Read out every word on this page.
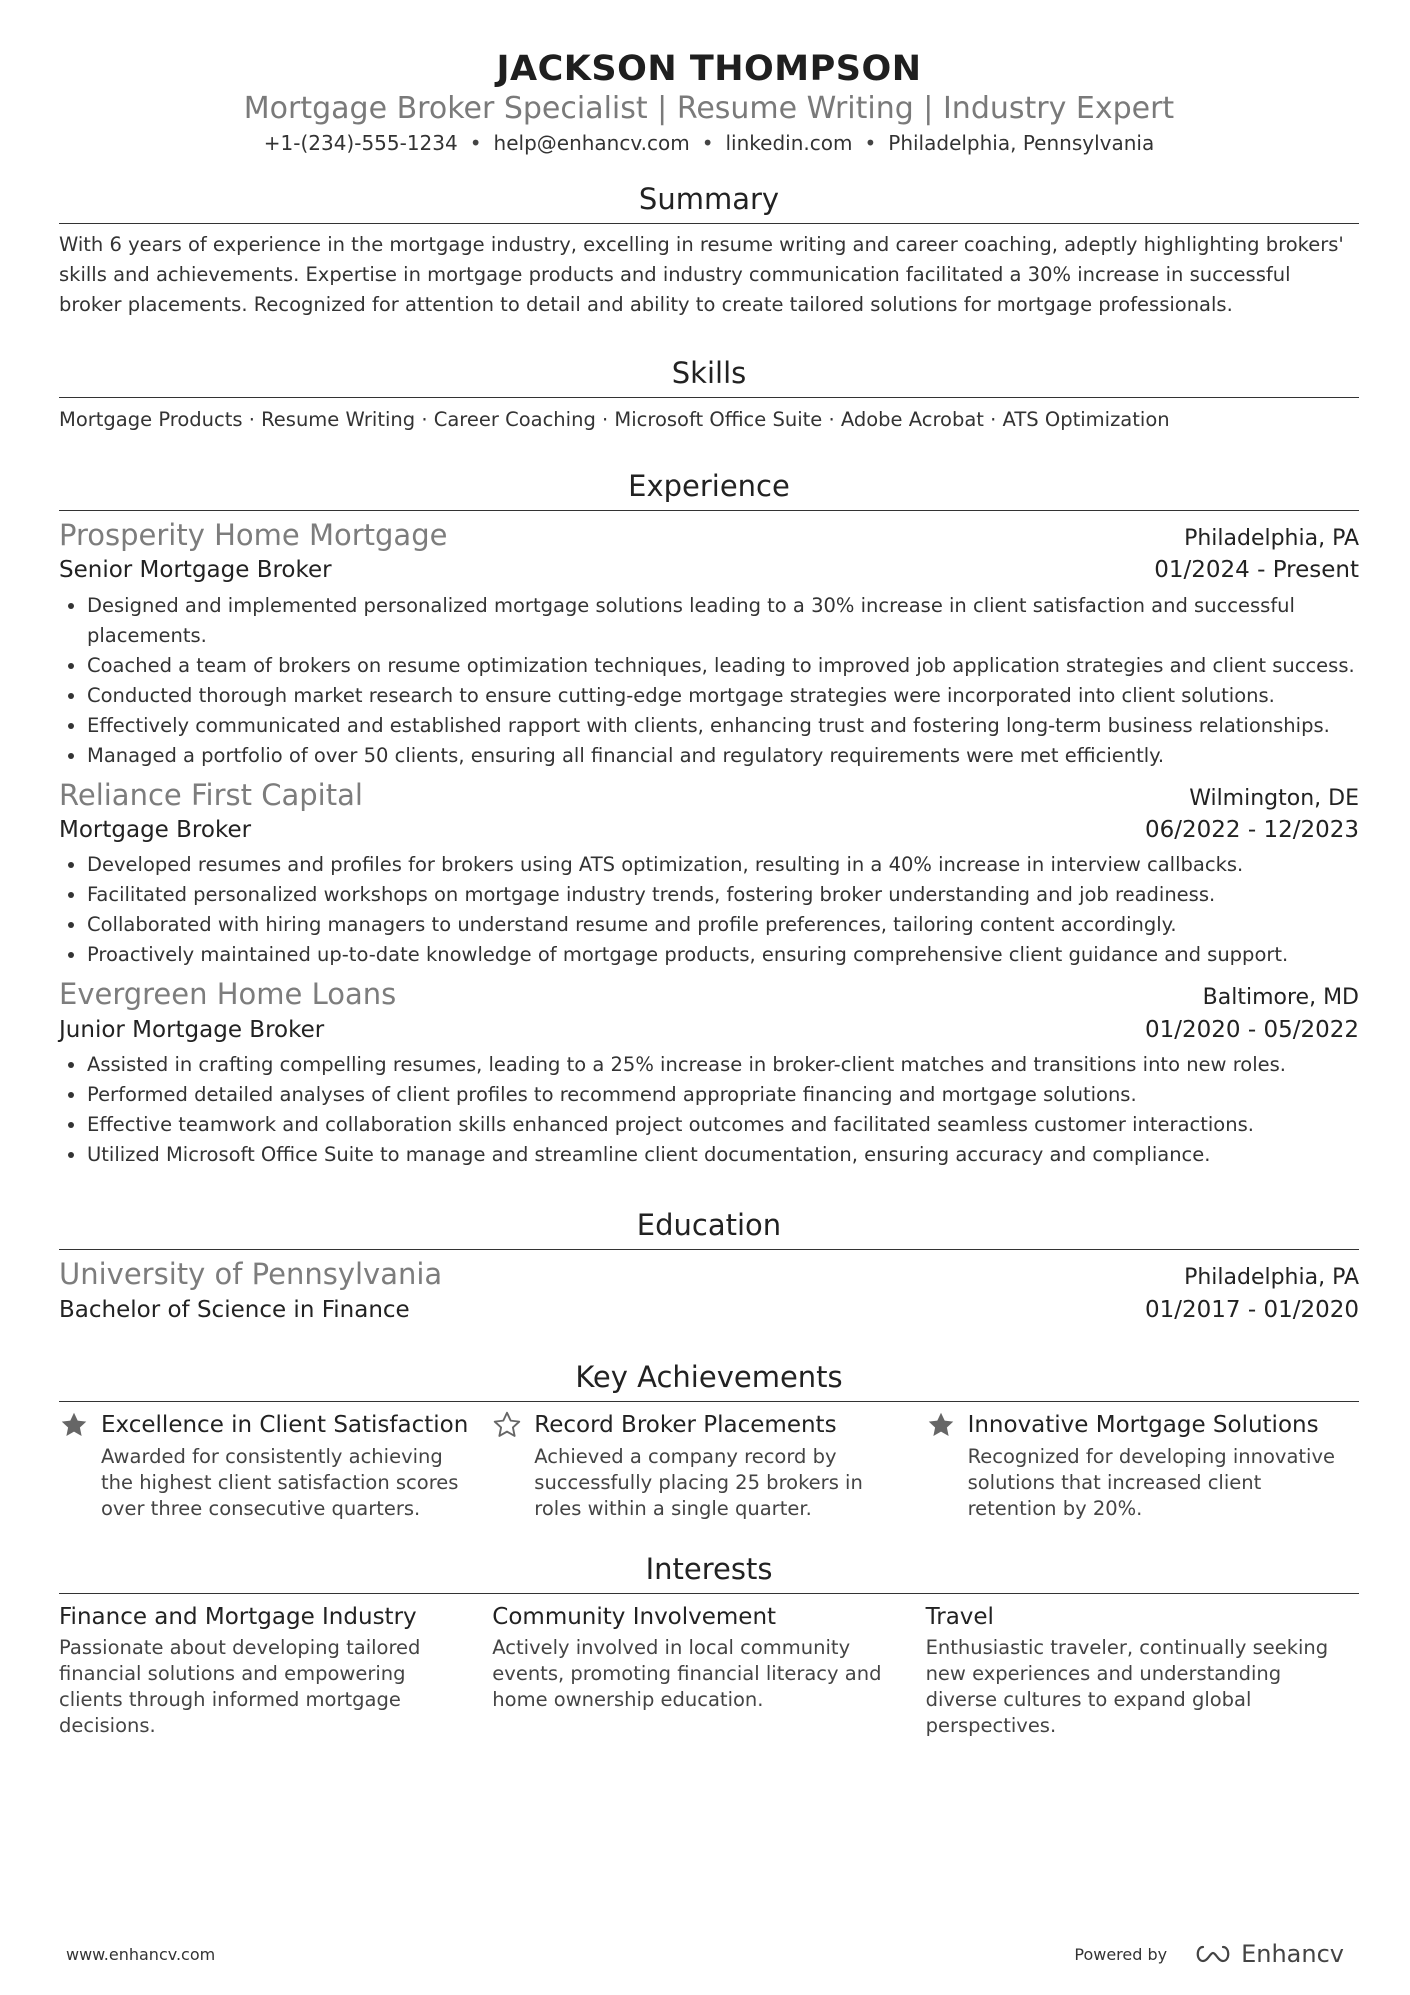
JACKSON THOMPSON
Mortgage Broker Specialist | Resume Writing | Industry Expert
+1-(234)-555-1234 • help@enhancv.com • linkedin.com • Philadelphia, Pennsylvania
Summary
With 6 years of experience in the mortgage industry, excelling in resume writing and career coaching, adeptly highlighting brokers' skills and achievements. Expertise in mortgage products and industry communication facilitated a 30% increase in successful broker placements. Recognized for attention to detail and ability to create tailored solutions for mortgage professionals.
Skills
Mortgage Products · Resume Writing · Career Coaching · Microsoft Office Suite · Adobe Acrobat · ATS Optimization
Experience
Prosperity Home Mortgage	Philadelphia, PA
Senior Mortgage Broker	01/2024 - Present
• Designed and implemented personalized mortgage solutions leading to a 30% increase in client satisfaction and successful placements.
• Coached a team of brokers on resume optimization techniques, leading to improved job application strategies and client success.
• Conducted thorough market research to ensure cutting-edge mortgage strategies were incorporated into client solutions.
• Effectively communicated and established rapport with clients, enhancing trust and fostering long-term business relationships.
• Managed a portfolio of over 50 clients, ensuring all financial and regulatory requirements were met efficiently.
Reliance First Capital	Wilmington, DE
Mortgage Broker	06/2022 - 12/2023
• Developed resumes and profiles for brokers using ATS optimization, resulting in a 40% increase in interview callbacks.
• Facilitated personalized workshops on mortgage industry trends, fostering broker understanding and job readiness.
• Collaborated with hiring managers to understand resume and profile preferences, tailoring content accordingly.
• Proactively maintained up-to-date knowledge of mortgage products, ensuring comprehensive client guidance and support.
Evergreen Home Loans	Baltimore, MD
Junior Mortgage Broker	01/2020 - 05/2022
• Assisted in crafting compelling resumes, leading to a 25% increase in broker-client matches and transitions into new roles.
• Performed detailed analyses of client profiles to recommend appropriate financing and mortgage solutions.
• Effective teamwork and collaboration skills enhanced project outcomes and facilitated seamless customer interactions.
• Utilized Microsoft Office Suite to manage and streamline client documentation, ensuring accuracy and compliance.
Education
University of Pennsylvania	Philadelphia, PA
Bachelor of Science in Finance	01/2017 - 01/2020
Key Achievements
Excellence in Client Satisfaction
Awarded for consistently achieving the highest client satisfaction scores over three consecutive quarters.
Record Broker Placements
Achieved a company record by successfully placing 25 brokers in roles within a single quarter.
Innovative Mortgage Solutions
Recognized for developing innovative solutions that increased client retention by 20%.
Interests
Finance and Mortgage Industry
Passionate about developing tailored financial solutions and empowering clients through informed mortgage decisions.
Community Involvement
Actively involved in local community events, promoting financial literacy and home ownership education.
Travel
Enthusiastic traveler, continually seeking new experiences and understanding diverse cultures to expand global perspectives.
www.enhancv.com	Powered by	Enhancv
